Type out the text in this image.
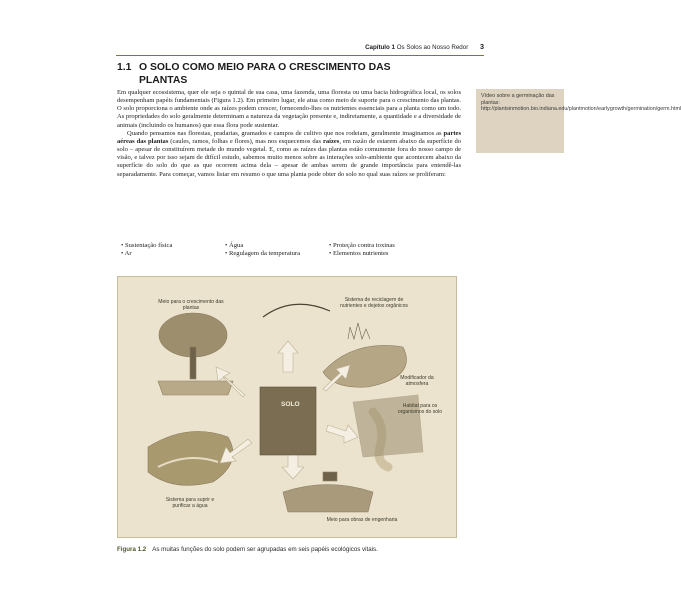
Capítulo 1 Os Solos ao Nosso Redor 3
1.1 O SOLO COMO MEIO PARA O CRESCIMENTO DAS PLANTAS

Em qualquer ecossistema, quer ele seja o quintal de sua casa, uma fazenda, uma floresta ou uma bacia hidrográfica local, os solos desempenham papéis fundamentais (Figura 1.2). Em primeiro lugar, ele atua como meio de suporte para o crescimento das plantas. O solo proporciona o ambiente onde as raízes podem crescer, fornecendo-lhes os nutrientes essenciais para a planta como um todo. As propriedades do solo geralmente determinam a natureza da vegetação presente e, indiretamente, a quantidade e a diversidade de animais (incluindo os humanos) que essa flora pode sustentar.

Quando pensamos nas florestas, pradarias, gramados e campos de cultivo que nos rodeiam, geralmente imaginamos as partes aéreas das plantas (caules, ramos, folhas e flores), mas nos esquecemos das raízes, em razão de estarem abaixo da superfície do solo – apesar de constituírem metade do mundo vegetal. E, como as raízes das plantas estão comumente fora do nosso campo de visão, e talvez por isso sejam de difícil estudo, sabemos muito menos sobre as interações solo-ambiente que acontecem abaixo da superfície do solo do que as que ocorrem acima dela – apesar de ambas serem de grande importância para entendê-las separadamente. Para começar, vamos listar em resumo o que uma planta pode obter do solo no qual suas raízes se proliferam:

Vídeo sobre a germinação das plantas: http://plantsinmotion.bio.indiana.edu/plantmotion/earlygrowth/germination/germ.html
• Sustentação física	• Água	• Proteção contra toxinas
• Ar	• Regulagem da temperatura	• Elementos nutrientes
SOLO
Meio para o crescimento das plantas
Sistema de reciclagem de nutrientes e dejetos orgânicos
Modificador da atmosfera
Habitat para os organismos do solo
Sistema para suprir e purificar a água
Meio para obras de engenharia
Figura 1.2 As muitas funções do solo podem ser agrupadas em seis papéis ecológicos vitais.
